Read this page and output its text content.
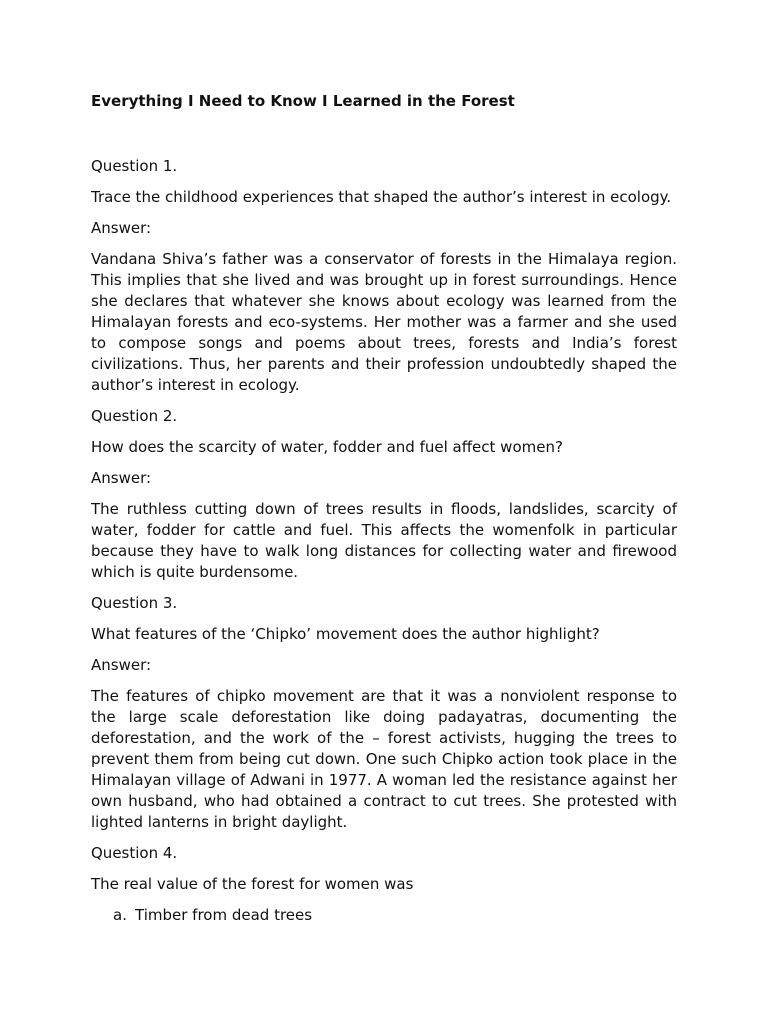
Everything I Need to Know I Learned in the Forest

Question 1.

Trace the childhood experiences that shaped the author’s interest in ecology.

Answer:

Vandana Shiva’s father was a conservator of forests in the Himalaya region. This implies that she lived and was brought up in forest surroundings. Hence she declares that whatever she knows about ecology was learned from the Himalayan forests and eco-systems. Her mother was a farmer and she used to compose songs and poems about trees, forests and India’s forest civilizations. Thus, her parents and their profession undoubtedly shaped the author’s interest in ecology.

Question 2.

How does the scarcity of water, fodder and fuel affect women?

Answer:

The ruthless cutting down of trees results in floods, landslides, scarcity of water, fodder for cattle and fuel. This affects the womenfolk in particular because they have to walk long distances for collecting water and firewood which is quite burdensome.

Question 3.

What features of the ‘Chipko’ movement does the author highlight?

Answer:

The features of chipko movement are that it was a nonviolent response to the large scale deforestation like doing padayatras, documenting the deforestation, and the work of the – forest activists, hugging the trees to prevent them from being cut down. One such Chipko action took place in the Himalayan village of Adwani in 1977. A woman led the resistance against her own husband, who had obtained a contract to cut trees. She protested with lighted lanterns in bright daylight.

Question 4.

The real value of the forest for women was

a. Timber from dead trees
